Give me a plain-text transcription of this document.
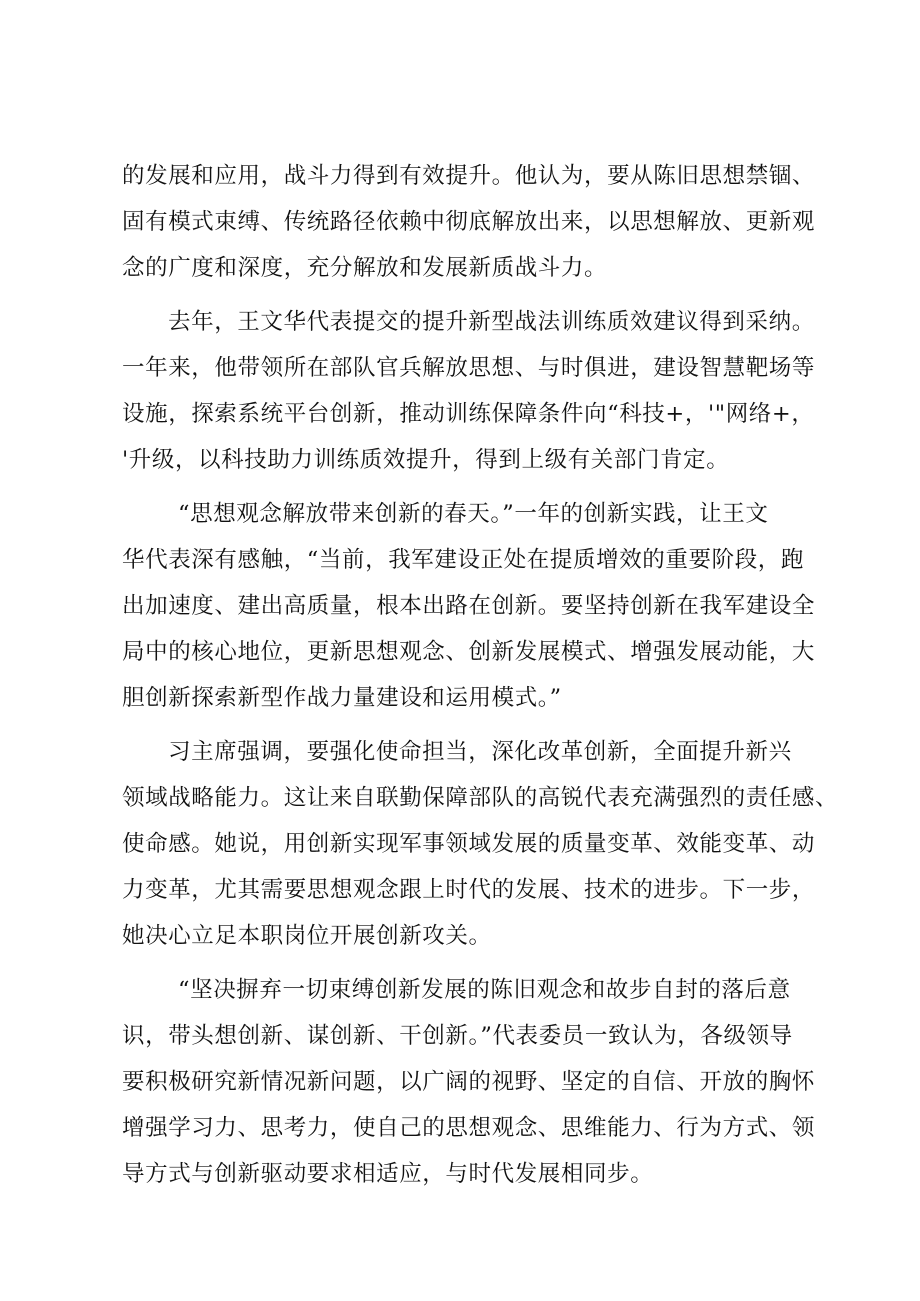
的发展和应用，战斗力得到有效提升。他认为，要从陈旧思想禁锢、
固有模式束缚、传统路径依赖中彻底解放出来，以思想解放、更新观
念的广度和深度，充分解放和发展新质战斗力。

去年，王文华代表提交的提升新型战法训练质效建议得到采纳。
一年来，他带领所在部队官兵解放思想、与时俱进，建设智慧靶场等
设施，探索系统平台创新，推动训练保障条件向“科技+，'"网络+，
'升级，以科技助力训练质效提升，得到上级有关部门肯定。

“思想观念解放带来创新的春天。”一年的创新实践，让王文
华代表深有感触，“当前，我军建设正处在提质增效的重要阶段，跑
出加速度、建出高质量，根本出路在创新。要坚持创新在我军建设全
局中的核心地位，更新思想观念、创新发展模式、增强发展动能，大
胆创新探索新型作战力量建设和运用模式。”

习主席强调，要强化使命担当，深化改革创新，全面提升新兴
领域战略能力。这让来自联勤保障部队的高锐代表充满强烈的责任感、
使命感。她说，用创新实现军事领域发展的质量变革、效能变革、动
力变革，尤其需要思想观念跟上时代的发展、技术的进步。下一步，
她决心立足本职岗位开展创新攻关。

“坚决摒弃一切束缚创新发展的陈旧观念和故步自封的落后意
识，带头想创新、谋创新、干创新。”代表委员一致认为，各级领导
要积极研究新情况新问题，以广阔的视野、坚定的自信、开放的胸怀
增强学习力、思考力，使自己的思想观念、思维能力、行为方式、领
导方式与创新驱动要求相适应，与时代发展相同步。
